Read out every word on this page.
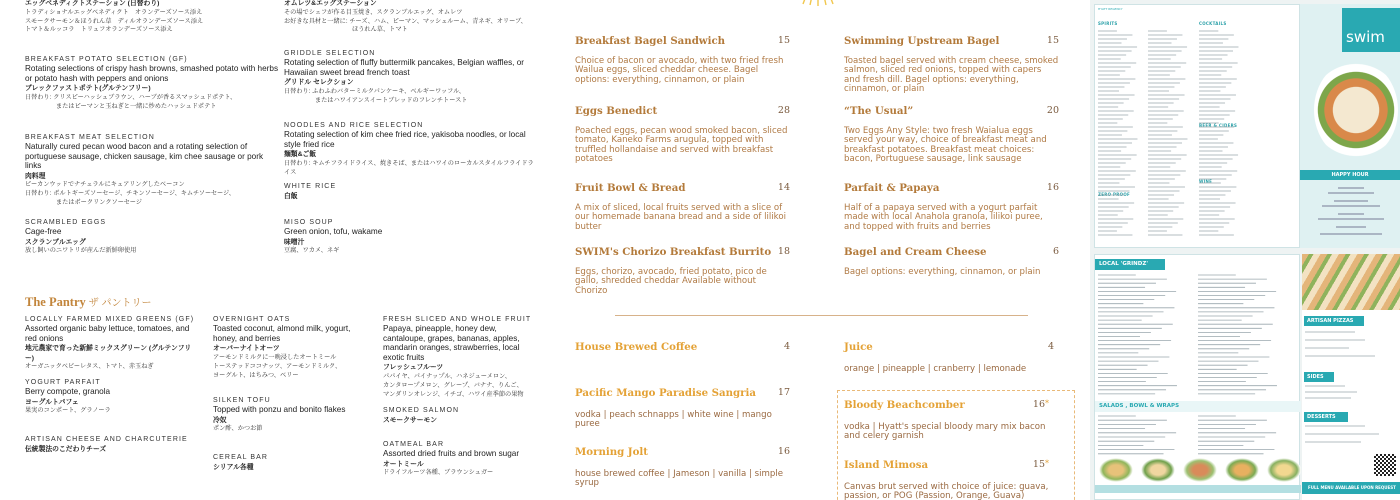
エッグベネディクトステーション (日替わり)
トラディショナルエッグベネディクト　オランデーズソース添え
スモークサーモン＆ほうれん草　ディルオランデーズソース添え
トマト＆ルッコラ　トリュフオランデーズソース添え
BREAKFAST POTATO SELECTION (GF)
Rotating selections of crispy hash browns, smashed potato with herbs or potato hash with peppers and onions
ブレックファストポテト(グルテンフリー)
日替わり: クリスピーハッシュブラウン、ハーブが香るスマッシュドポテト、
　　　　　またはピーマンと玉ねぎと一緒に炒めたハッシュドポテト
BREAKFAST MEAT SELECTION
Naturally cured pecan wood bacon and a rotating selection of portuguese sausage, chicken sausage, kim chee sausage or pork links
肉料理
ピーカンウッドでナチュラルにキュアリングしたベーコン
日替わり: ポルトギーズソーセージ、チキンソーセージ、キムチソーセージ、
　　　　　またはポークリンクソーセージ
SCRAMBLED EGGS
Cage-free
スクランブルエッグ
放し飼いのニワトリが産んだ新鮮卵使用
オムレツ&エッグステーション
その場でシェフが作る目玉焼き、スクランブルエッグ、オムレツ
お好きな具材と一緒に: チーズ、ハム、ピーマン、マッシュルーム、青ネギ、オリーブ、
　　　　　　　　　　　ほうれん草、トマト
GRIDDLE SELECTION
Rotating selection of fluffy buttermilk pancakes, Belgian waffles, or Hawaiian sweet bread french toast
グリドル セレクション
日替わり: ふわふわバターミルクパンケーキ、ベルギーワッフル、
　　　　　またはハワイアンスイートブレッドのフレンチトースト
NOODLES AND RICE SELECTION
Rotating selection of kim chee fried rice, yakisoba noodles, or local style fried rice
麺類&ご飯
日替わり: キムチフライドライス、焼きそば、またはハワイのローカルスタイルフライドライス
WHITE RICE
白飯
MISO SOUP
Green onion, tofu, wakame
味噌汁
豆腐、ワカメ、ネギ
The Pantry ザ パントリー
LOCALLY FARMED MIXED GREENS (GF)
Assorted organic baby lettuce, tomatoes, and red onions
地元農家で育った新鮮ミックスグリーン (グルテンフリー)
オーガニックベビーレタス、トマト、赤玉ねぎ
YOGURT PARFAIT
Berry compote, granola
ヨーグルトパフェ
果実のコンポート、グラノーラ
ARTISAN CHEESE AND CHARCUTERIE
伝統製法のこだわりチーズ
OVERNIGHT OATS
Toasted coconut, almond milk, yogurt, honey, and berries
オーバーナイトオーツ
アーモンドミルクに一晩浸したオートミール
トーステッドココナッツ、アーモンドミルク、
ヨーグルト、はちみつ、ベリー
SILKEN TOFU
Topped with ponzu and bonito flakes
冷奴
ポン酢、かつお節
CEREAL BAR
シリアル各種
FRESH SLICED AND WHOLE FRUIT
Papaya, pineapple, honey dew, cantaloupe, grapes, bananas, apples, mandarin oranges, strawberries, local exotic fruits
フレッシュフルーツ
パパイヤ、パイナップル、ハネジューメロン、
カンタロープメロン、グレープ、バナナ、りんご、
マンダリンオレンジ、イチゴ、ハワイ産季節の果物
SMOKED SALMON
スモークサーモン
OATMEAL BAR
Assorted dried fruits and brown sugar
オートミール
ドライフルーツ各種、ブラウンシュガー
Breakfast Bagel Sandwich	15
Choice of bacon or avocado, with two fried fresh Wailua eggs, sliced cheddar cheese. Bagel options: everything, cinnamon, or plain
Swimming Upstream Bagel	15
Toasted bagel served with cream cheese, smoked salmon, sliced red onions, topped with capers and fresh dill. Bagel options: everything, cinnamon, or plain
Eggs Benedict	28
Poached eggs, pecan wood smoked bacon, sliced tomato, Kaneko Farms arugula, topped with truffled hollandaise and served with breakfast potatoes
“The Usual”	20
Two Eggs Any Style: two fresh Waialua eggs served your way, choice of breakfast meat and breakfast potatoes. Breakfast meat choices: bacon, Portuguese sausage, link sausage
Fruit Bowl & Bread	14
A mix of sliced, local fruits served with a slice of our homemade banana bread and a side of lilikoi butter
Parfait & Papaya	16
Half of a papaya served with a yogurt parfait made with local Anahola granola, lilikoi puree, and topped with fruits and berries
SWIM's Chorizo Breakfast Burrito 18
Eggs, chorizo, avocado, fried potato, pico de gallo, shredded cheddar Available without Chorizo
Bagel and Cream Cheese	6
Bagel options: everything, cinnamon, or plain
House Brewed Coffee	4	Juice	4
orange | pineapple | cranberry | lemonade
Pacific Mango Paradise Sangria	17
vodka | peach schnapps | white wine | mango puree
Bloody Beachcomber	16*
vodka | Hyatt's special bloody mary mix bacon and celery garnish
Morning Jolt	16
house brewed coffee | Jameson | vanilla | simple syrup
Island Mimosa	15*
Canvas brut served with choice of juice: guava, passion, or POG (Passion, Orange, Guava)
HYATT REGENCY
SPIRITS	COCKTAILS
BEER & CIDERS
WINE
ZERO PROOF
swim
HAPPY HOUR
LOCAL 'GRINDZ'
SALADS , BOWL & WRAPS
ARTISAN PIZZAS
SIDES
DESSERTS
FULL MENU AVAILABLE UPON REQUEST
